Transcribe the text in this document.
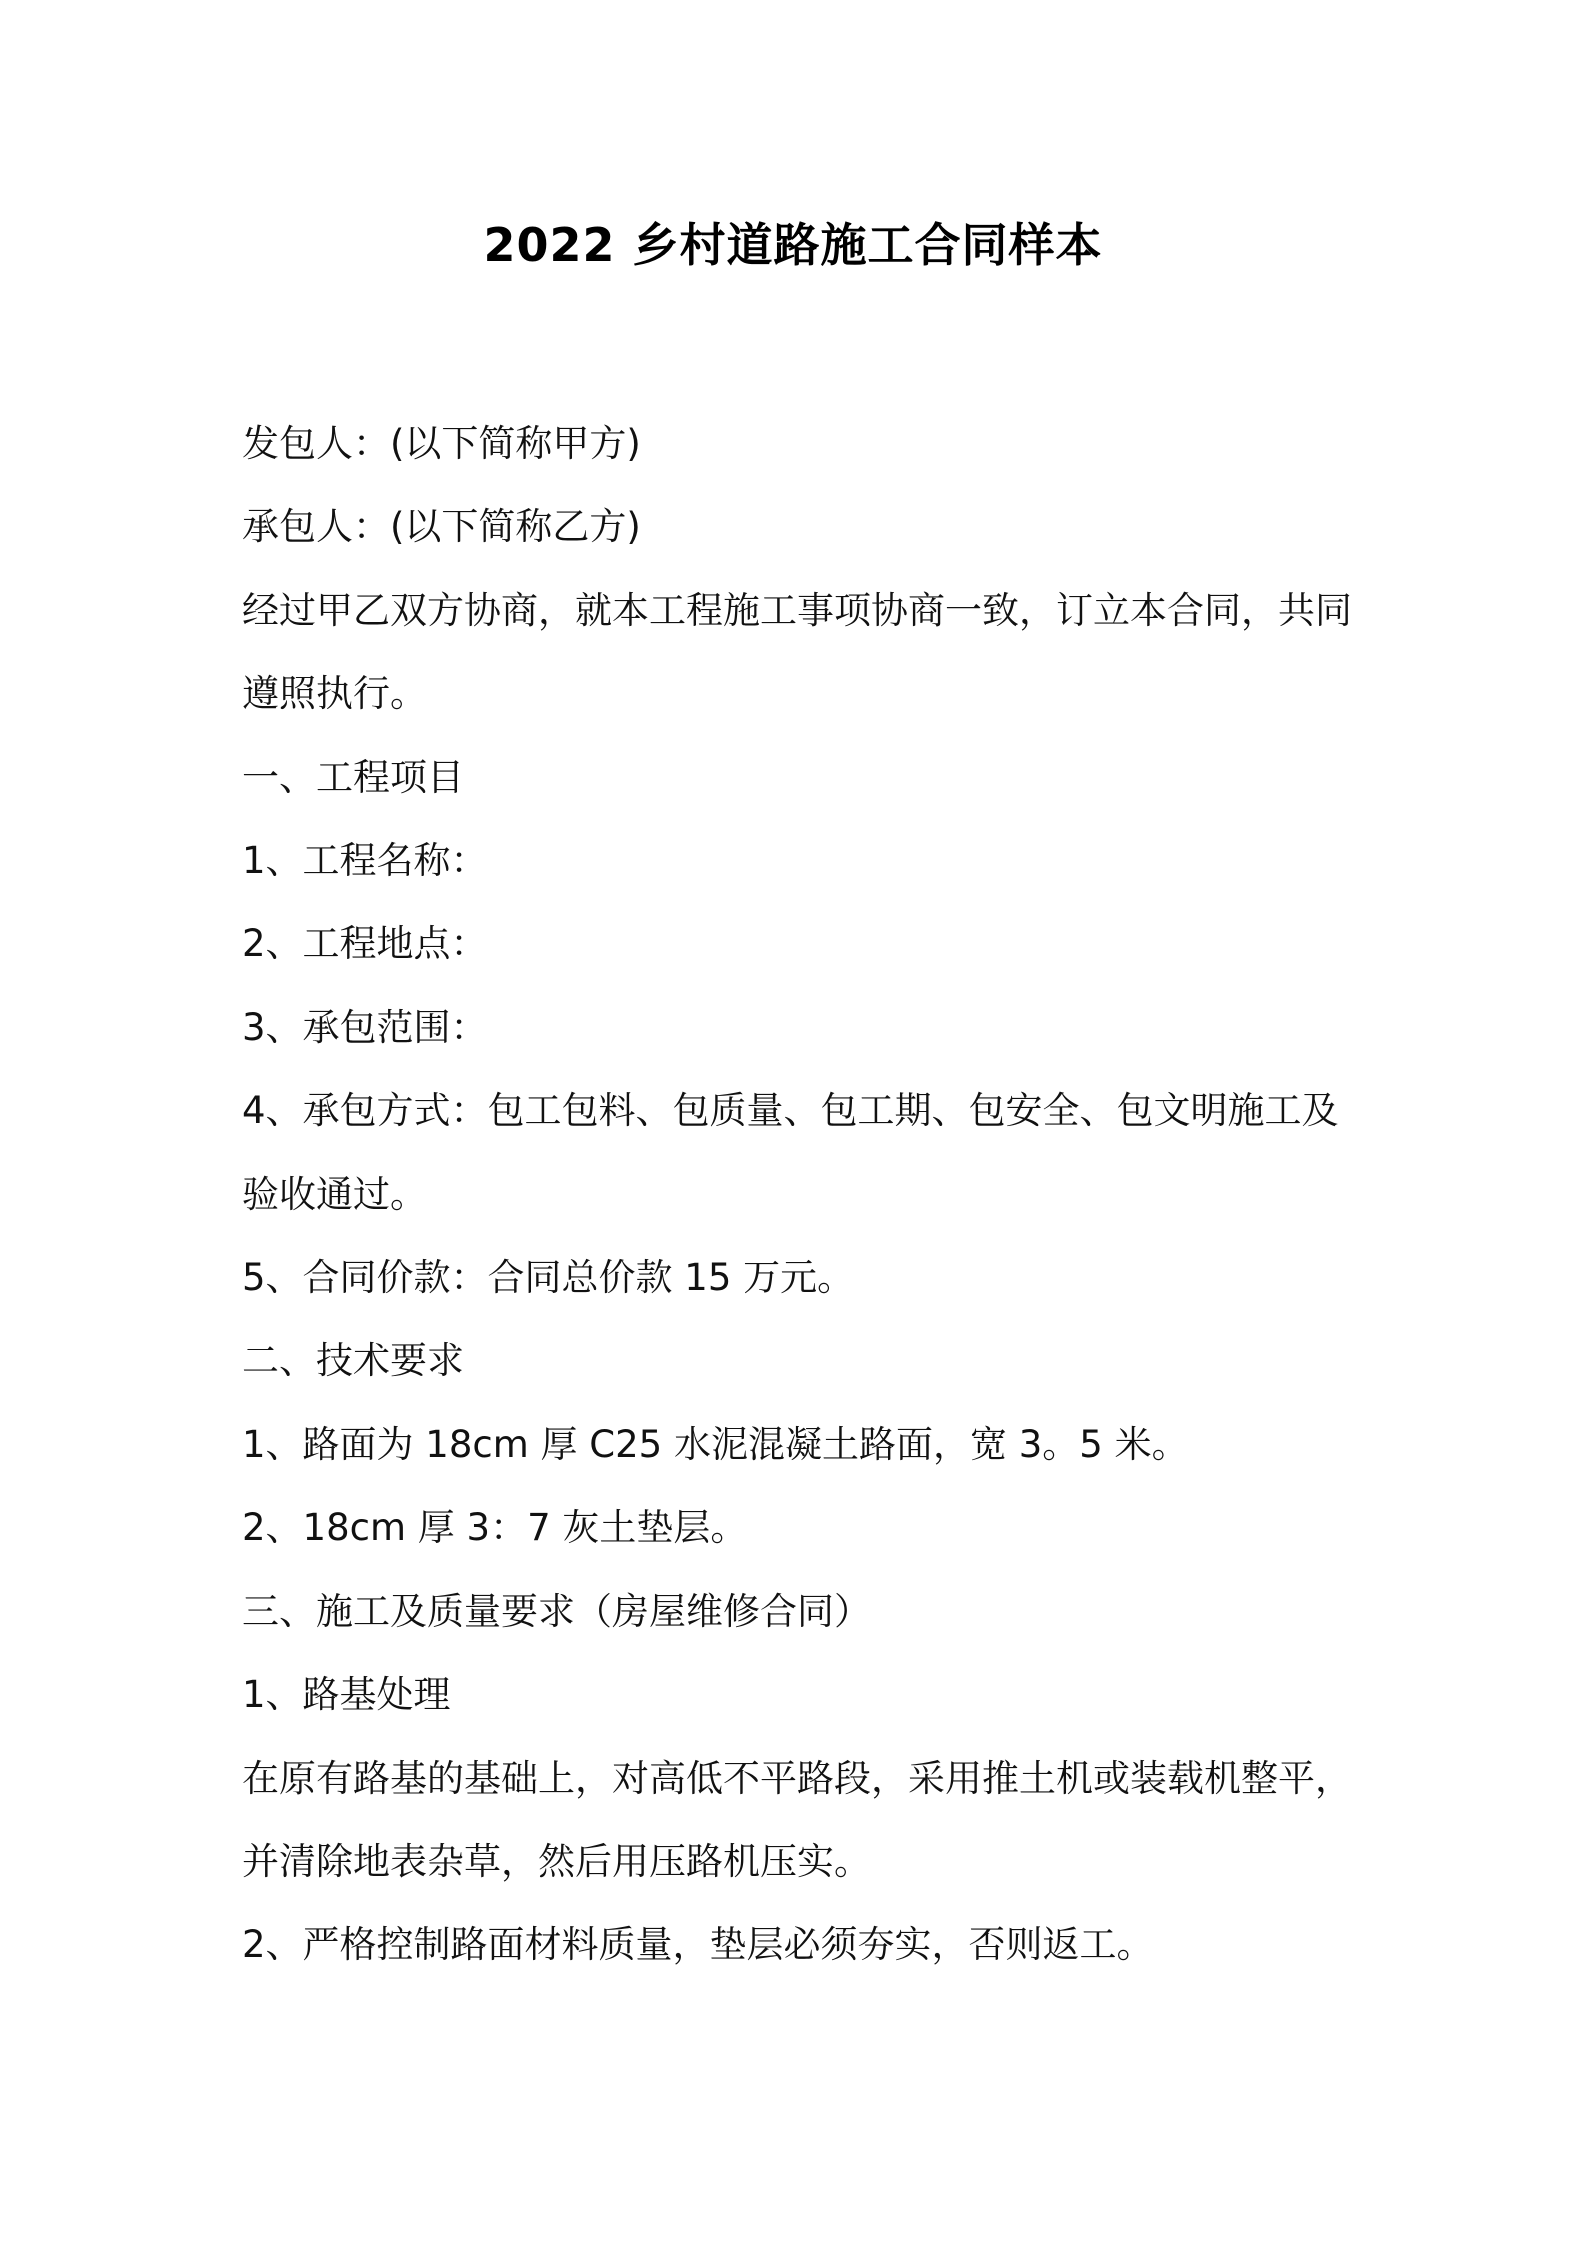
2022 乡村道路施工合同样本

发包人：(以下简称甲方)

承包人：(以下简称乙方)

经过甲乙双方协商，就本工程施工事项协商一致，订立本合同，共同遵照执行。

一、工程项目

1、工程名称：

2、工程地点：

3、承包范围：

4、承包方式：包工包料、包质量、包工期、包安全、包文明施工及验收通过。

5、合同价款：合同总价款 15 万元。

二、技术要求

1、路面为 18cm 厚 C25 水泥混凝土路面，宽 3。5 米。

2、18cm 厚 3：7 灰土垫层。

三、施工及质量要求（房屋维修合同）

1、路基处理

在原有路基的基础上，对高低不平路段，采用推土机或装载机整平，并清除地表杂草，然后用压路机压实。

2、严格控制路面材料质量，垫层必须夯实，否则返工。
